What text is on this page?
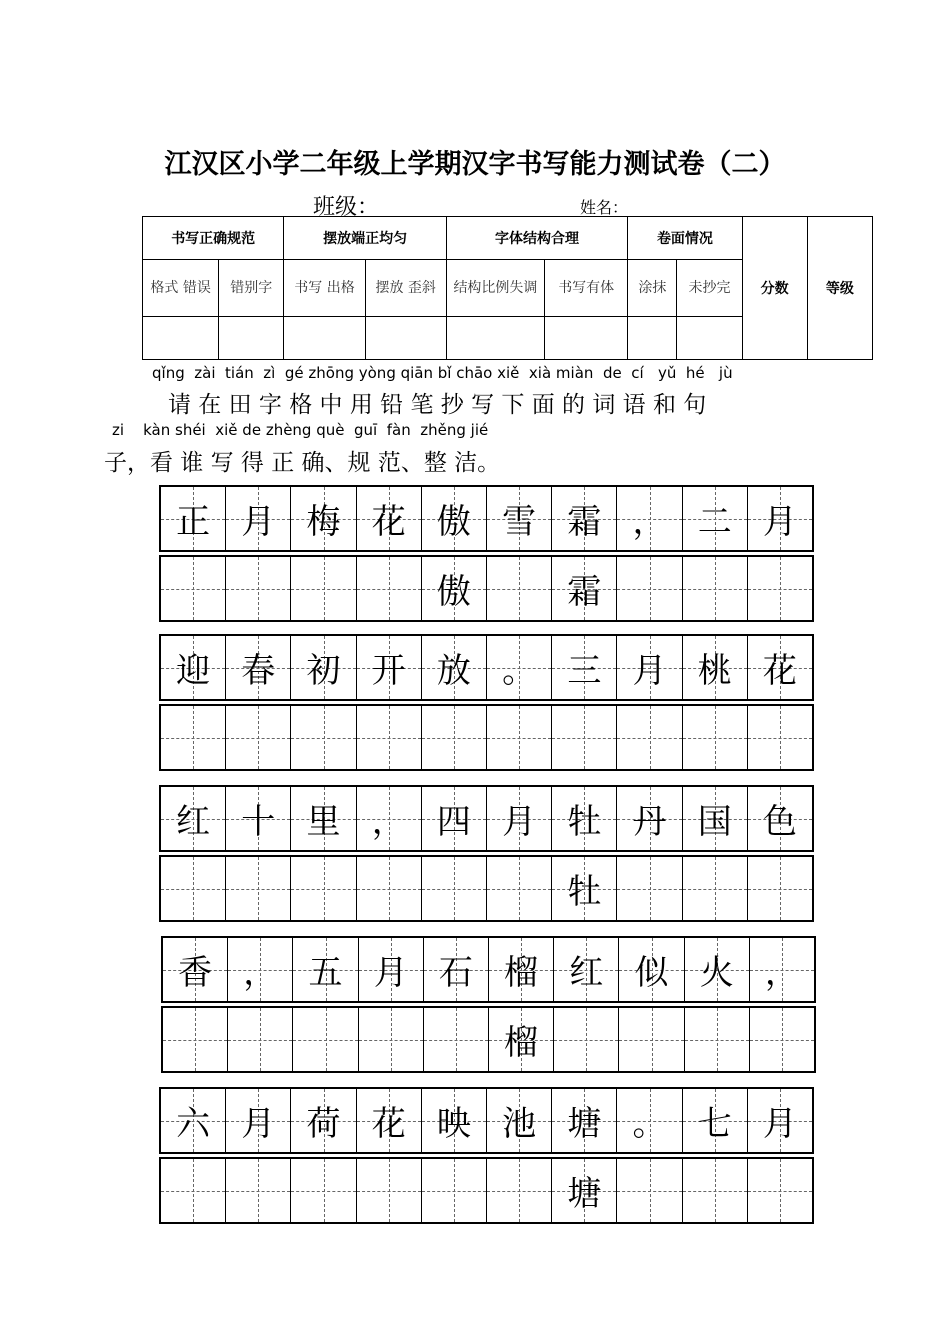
江汉区小学二年级上学期汉字书写能力测试卷（二）
班级：	姓名：
书写正确规范		摆放端正均匀		字体结构合理		卷面情况		分数	等级
格式 错误	错别字	书写 出格	摆放 歪斜	结构比例失调	书写有体	涂抹	未抄完		

qǐng  zài  tián  zì  gé zhōng yòng qiān bǐ chāo xiě  xià miàn  de  cí   yǔ  hé   jù
请 在 田 字 格 中 用 铅 笔 抄 写 下 面 的 词 语 和 句
zi    kàn shéi  xiě de zhèng què  guī  fàn  zhěng jié
子，看 谁 写 得 正 确、规 范、整 洁。
正 月 梅 花 傲 雪 霜 ， 二 月
傲	霜
迎 春 初 开 放 。 三 月 桃 花
红 十 里 ， 四 月 牡 丹 国 色
牡
香 ， 五 月 石 榴 红 似 火 ，
榴
六 月 荷 花 映 池 塘 。 七 月
塘
